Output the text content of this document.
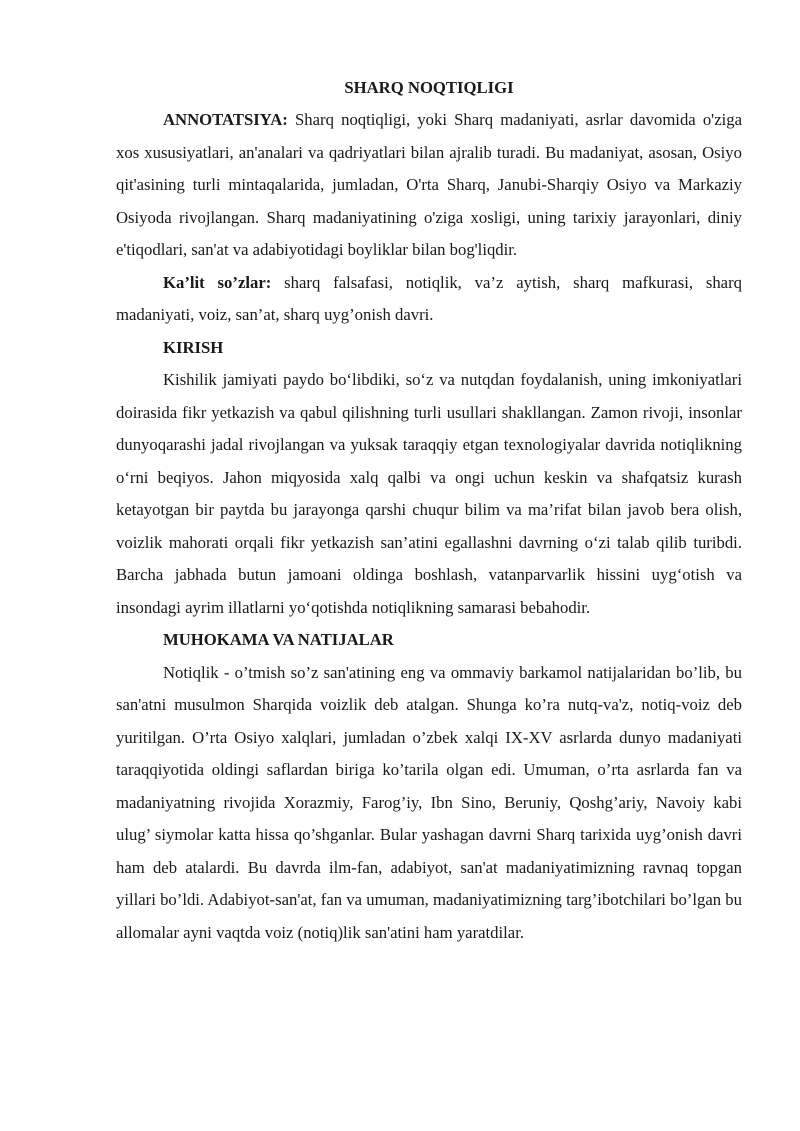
SHARQ NOQTIQLIGI

ANNOTATSIYA: Sharq noqtiqligi, yoki Sharq madaniyati, asrlar davomida o'ziga xos xususiyatlari, an'analari va qadriyatlari bilan ajralib turadi. Bu madaniyat, asosan, Osiyo qit'asining turli mintaqalarida, jumladan, O'rta Sharq, Janubi-Sharqiy Osiyo va Markaziy Osiyoda rivojlangan. Sharq madaniyatining o'ziga xosligi, uning tarixiy jarayonlari, diniy e'tiqodlari, san'at va adabiyotidagi boyliklar bilan bog'liqdir.

Ka’lit so’zlar: sharq falsafasi, notiqlik, va’z aytish, sharq mafkurasi, sharq madaniyati, voiz, san’at, sharq uyg’onish davri.

KIRISH

Kishilik jamiyati paydo bo‘libdiki, so‘z va nutqdan foydalanish, uning imkoniyatlari doirasida fikr yetkazish va qabul qilishning turli usullari shakllangan. Zamon rivoji, insonlar dunyoqarashi jadal rivojlangan va yuksak taraqqiy etgan texnologiyalar davrida notiqlikning o‘rni beqiyos. Jahon miqyosida xalq qalbi va ongi uchun keskin va shafqatsiz kurash ketayotgan bir paytda bu jarayonga qarshi chuqur bilim va ma’rifat bilan javob bera olish, voizlik mahorati orqali fikr yetkazish san’atini egallashni davrning o‘zi talab qilib turibdi. Barcha jabhada butun jamoani oldinga boshlash, vatanparvarlik hissini uyg‘otish va insondagi ayrim illatlarni yo‘qotishda notiqlikning samarasi bebahodir.

MUHOKAMA VA NATIJALAR

Notiqlik - o’tmish so’z san'atining eng va ommaviy barkamol natijalaridan bo’lib, bu san'atni musulmon Sharqida voizlik deb atalgan. Shunga ko’ra nutq-va'z, notiq-voiz deb yuritilgan. O’rta Osiyo xalqlari, jumladan o’zbek xalqi IX-XV asrlarda dunyo madaniyati taraqqiyotida oldingi saflardan biriga ko’tarila olgan edi. Umuman, o’rta asrlarda fan va madaniyatning rivojida Xorazmiy, Farog’iy, Ibn Sino, Beruniy, Qoshg’ariy, Navoiy kabi ulug’ siymolar katta hissa qo’shganlar. Bular yashagan davrni Sharq tarixida uyg’onish davri ham deb atalardi. Bu davrda ilm-fan, adabiyot, san'at madaniyatimizning ravnaq topgan yillari bo’ldi. Adabiyot-san'at, fan va umuman, madaniyatimizning targ’ibotchilari bo’lgan bu allomalar ayni vaqtda voiz (notiq)lik san'atini ham yaratdilar.
